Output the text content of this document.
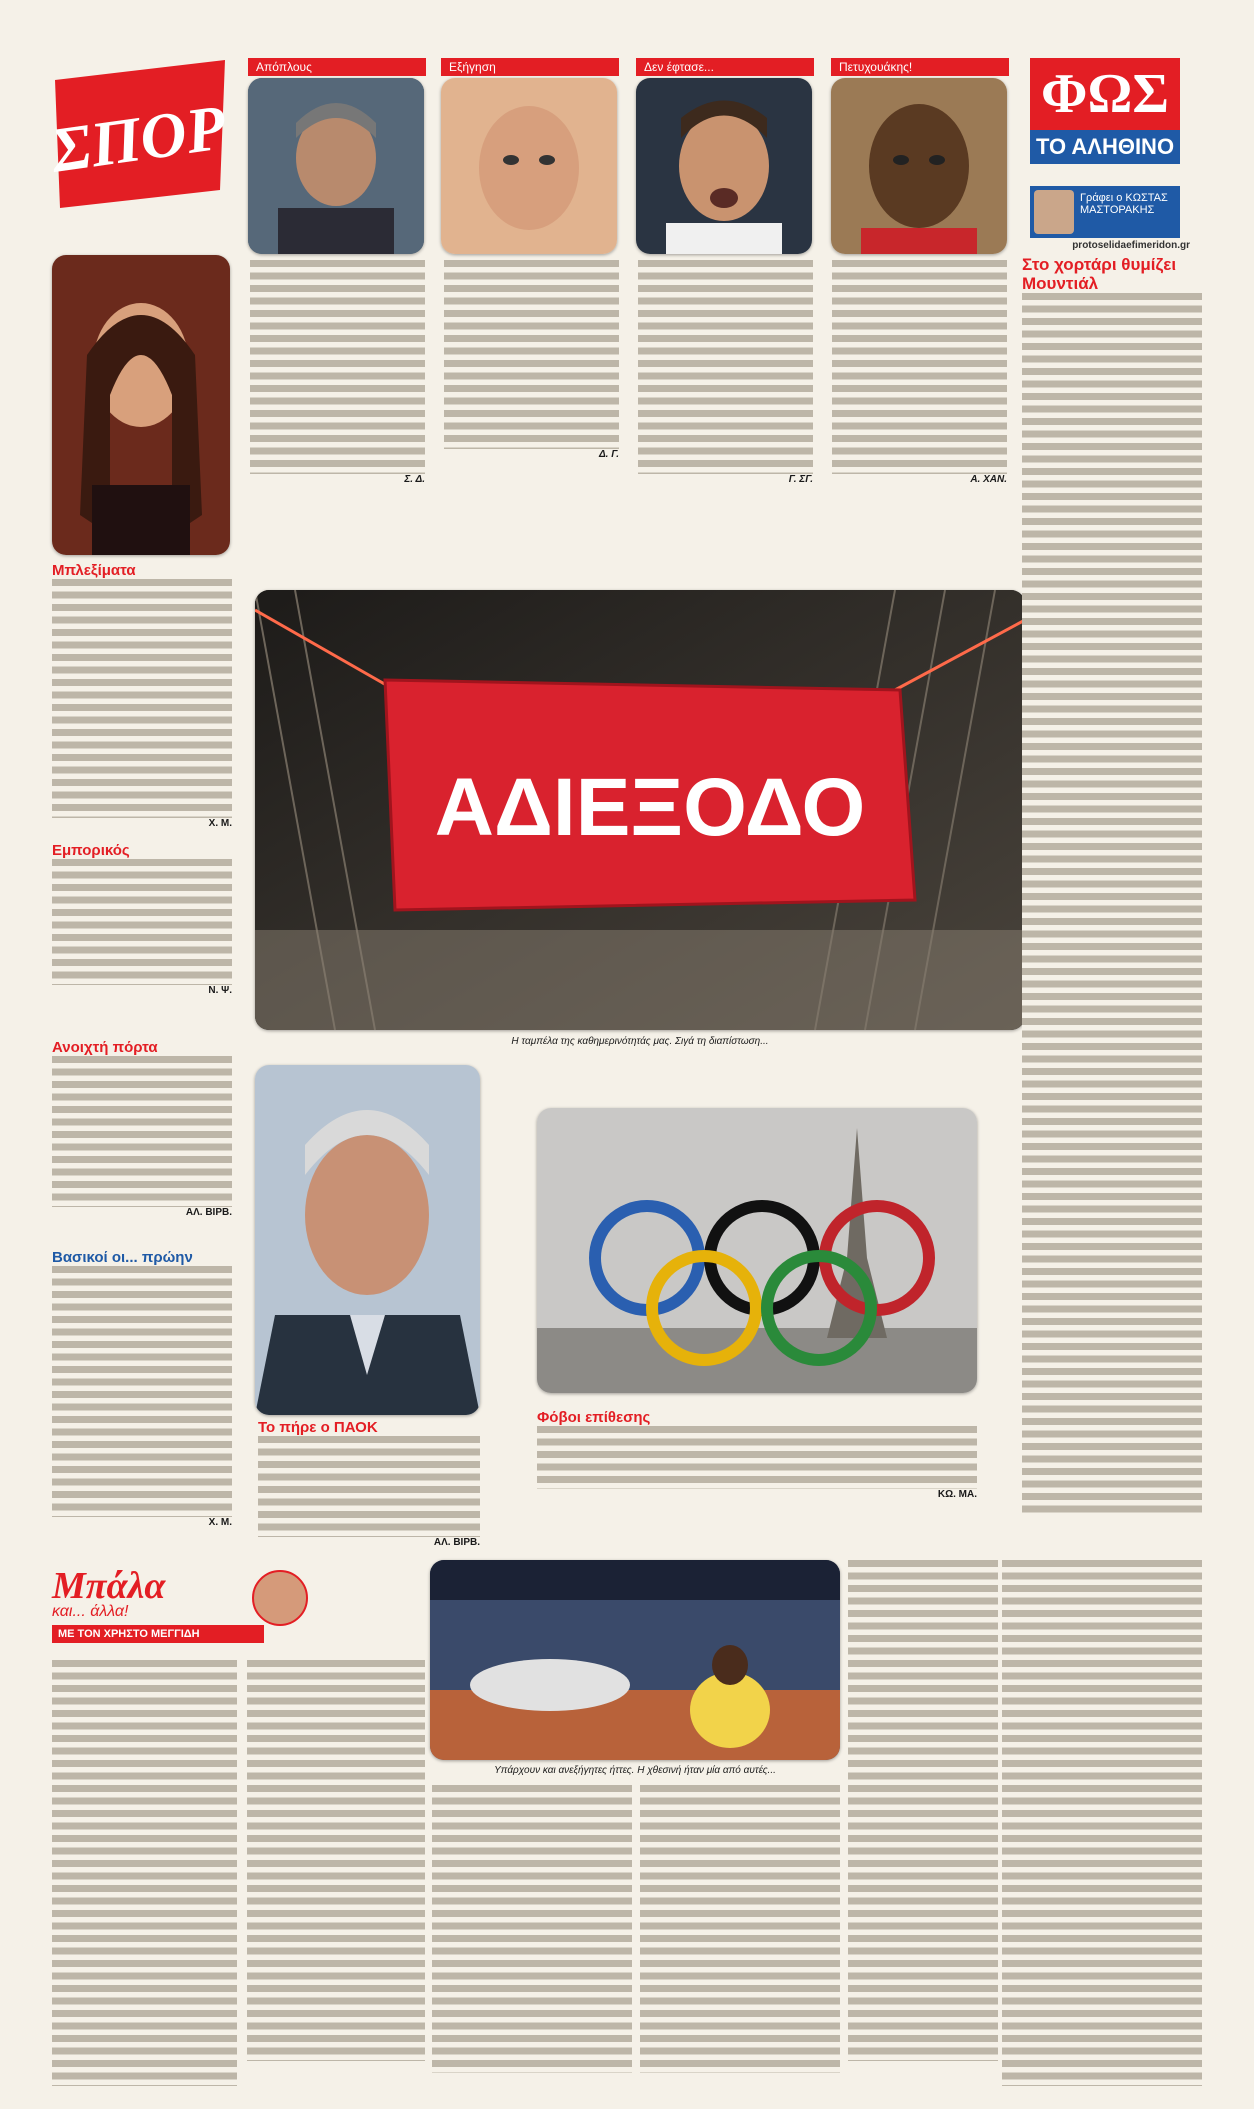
ΣΠΟΡ
Απόπλους	Εξήγηση	Δεν έφτασε...	Πετυχουάκης!	ΦΩΣ
ΤΟ ΑΛΗΘΙΝΟ
Γράφει ο ΚΩΣΤΑΣ ΜΑΣΤΟΡΑΚΗΣ
protoselidaefimeridon.gr
Σ. Δ.
Δ. Γ.
Γ. ΣΓ.	Α. ΧΑΝ.
Μπλεξίματα
Χ. Μ.
Εμπορικός
Ν. Ψ.
Ανοιχτή πόρτα
ΑΛ. ΒΙΡΒ.
Βασικοί οι... πρώην
Χ. Μ.
ΑΔΙΕΞΟΔΟ
Η ταμπέλα της καθημερινότητάς μας. Σιγά τη διαπίστωση...
Το πήρε ο ΠΑΟΚ
ΑΛ. ΒΙΡΒ.
Φόβοι επίθεσης
ΚΩ. ΜΑ.
Στο χορτάρι θυμίζει Μουντιάλ
Μπάλα
και... άλλα!
ΜΕ ΤΟΝ ΧΡΗΣΤΟ ΜΕΓΓΙΔΗ
Υπάρχουν και ανεξήγητες ήττες. Η χθεσινή ήταν μία από αυτές...
